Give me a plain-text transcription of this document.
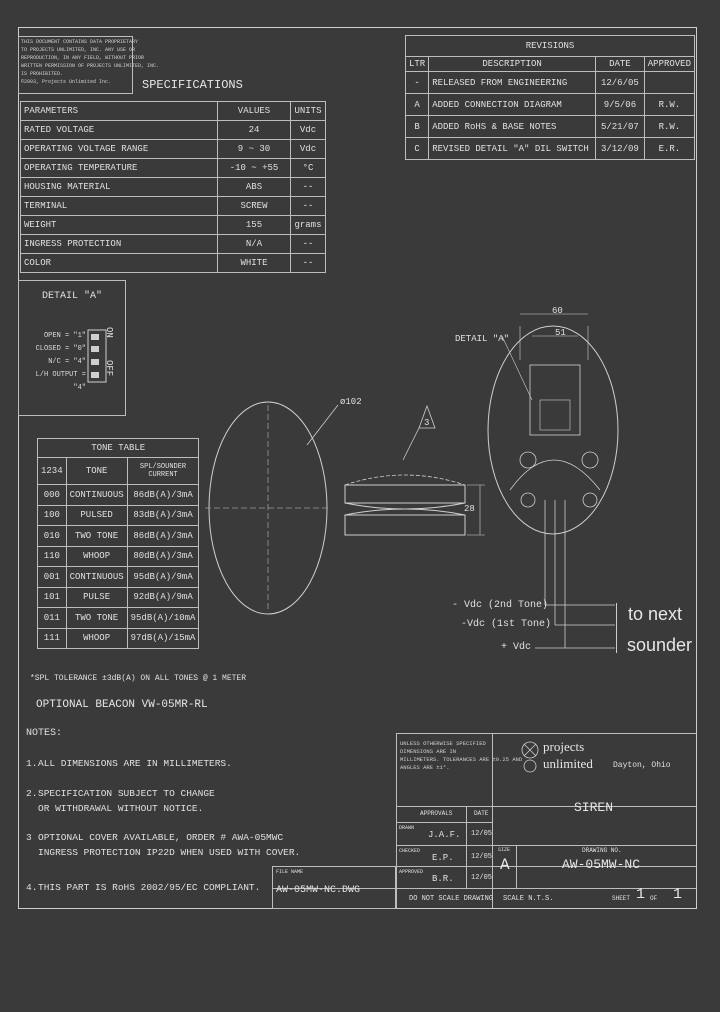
THIS DOCUMENT CONTAINS DATA PROPRIETARY
TO PROJECTS UNLIMITED, INC. ANY USE OR
REPRODUCTION, IN ANY FIELD, WITHOUT PRIOR
WRITTEN PERMISSION OF PROJECTS UNLIMITED, INC.
IS PROHIBITED.
©2003, Projects Unlimited Inc.	SPECIFICATIONS
PARAMETERS	VALUES	UNITS
RATED VOLTAGE	24	Vdc
OPERATING VOLTAGE RANGE	9 ~ 30	Vdc
OPERATING TEMPERATURE	-10 ~ +55	°C
HOUSING MATERIAL	ABS	--
TERMINAL	SCREW	--
WEIGHT	155	grams
INGRESS PROTECTION	N/A	--
COLOR	WHITE	--
REVISIONS			
LTR	DESCRIPTION	DATE	APPROVED
-	RELEASED FROM ENGINEERING	12/6/05	
A	ADDED CONNECTION DIAGRAM	9/5/06	R.W.
B	ADDED RoHS & BASE NOTES	5/21/07	R.W.
C	REVISED DETAIL "A" DIL SWITCH	3/12/09	E.R.
DETAIL "A"
OPEN = "1"
CLOSED = "0"
N/C = "4"
L/H OUTPUT = "4"
ON
OFF
TONE TABLE		
1234	TONE	SPL/SOUNDER CURRENT
000	CONTINUOUS	86dB(A)/3mA
100	PULSED	83dB(A)/3mA
010	TWO TONE	86dB(A)/3mA
110	WHOOP	80dB(A)/3mA
001	CONTINUOUS	95dB(A)/9mA
101	PULSE	92dB(A)/9mA
011	TWO TONE	95dB(A)/10mA
111	WHOOP	97dB(A)/15mA
*SPL TOLERANCE ±3dB(A) ON ALL TONES @ 1 METER
OPTIONAL BEACON VW-05MR-RL
NOTES:
1. ALL DIMENSIONS ARE IN MILLIMETERS.
2. SPECIFICATION SUBJECT TO CHANGE
OR WITHDRAWAL WITHOUT NOTICE.
3 OPTIONAL COVER AVAILABLE, ORDER # AWA-05MWC
INGRESS PROTECTION IP22D WHEN USED WITH COVER.
4. THIS PART IS RoHS 2002/95/EC COMPLIANT.
ø102
28
3
60
51
DETAIL "A"
- Vdc (2nd Tone)
-Vdc (1st Tone)
+ Vdc
to next
sounder
UNLESS OTHERWISE SPECIFIED
DIMENSIONS ARE IN
MILLIMETERS. TOLERANCES ARE ±0.25 AND
ANGLES ARE ±1°.
projects
unlimited	Dayton, Ohio
SIREN
APPROVALS	DATE
DRAWN
J.A.F. 12/05
CHECKED
E.P. 12/05
APPROVED
B.R. 12/05
SIZE
A
DRAWING NO.
AW-05MW-NC
FILE NAME
AW-05MW-NC.DWG
DO NOT SCALE DRAWING SCALE N.T.S.	SHEET 1 OF 1
